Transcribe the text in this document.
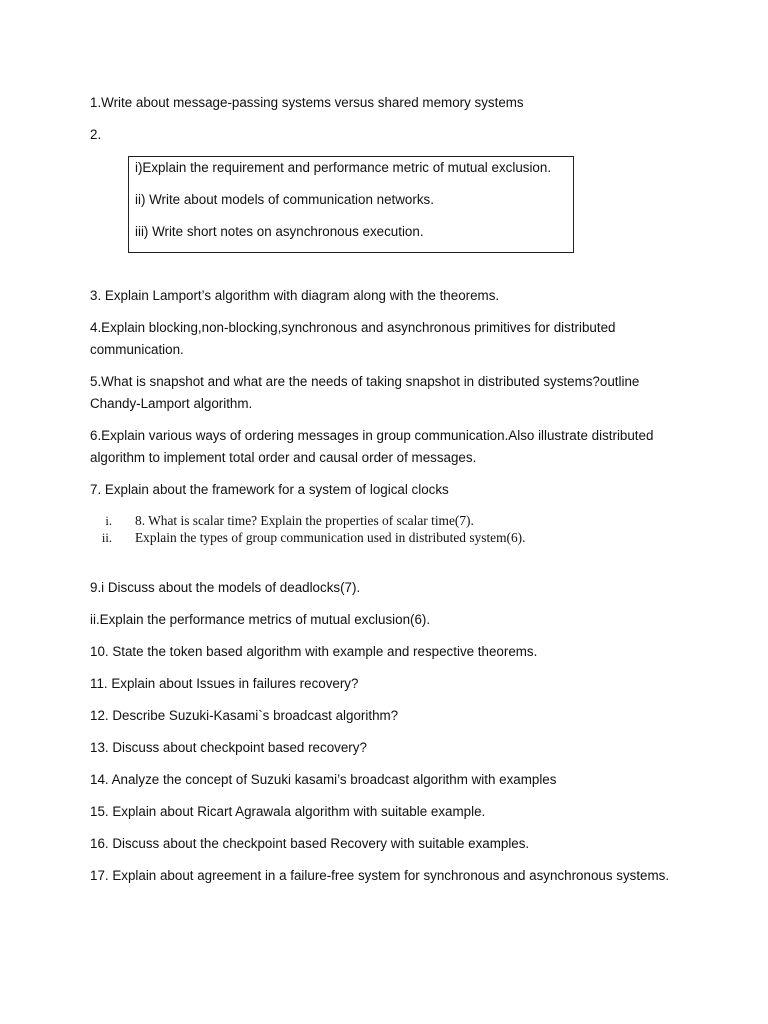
1.Write about message-passing systems versus shared memory systems

2.

i)Explain the requirement and performance metric of mutual exclusion.
ii) Write about models of communication networks.
iii) Write short notes on asynchronous execution.

3. Explain Lamport’s algorithm with diagram along with the theorems.

4.Explain blocking,non-blocking,synchronous and asynchronous primitives for distributed communication.

5.What is snapshot and what are the needs of taking snapshot in distributed systems?outline Chandy-Lamport algorithm.

6.Explain various ways of ordering messages in group communication.Also illustrate distributed algorithm to implement total order and causal order of messages.

7. Explain about the framework for a system of logical clocks

i. 8. What is scalar time? Explain the properties of scalar time(7).
ii. Explain the types of group communication used in distributed system(6).

9.i Discuss about the models of deadlocks(7).

ii.Explain the performance metrics of mutual exclusion(6).

10. State the token based algorithm with example and respective theorems.

11. Explain about Issues in failures recovery?

12. Describe Suzuki-Kasami`s broadcast algorithm?

13. Discuss about checkpoint based recovery?

14. Analyze the concept of Suzuki kasami’s broadcast algorithm with examples

15. Explain about Ricart Agrawala algorithm with suitable example.

16. Discuss about the checkpoint based Recovery with suitable examples.

17. Explain about agreement in a failure-free system for synchronous and asynchronous systems.
